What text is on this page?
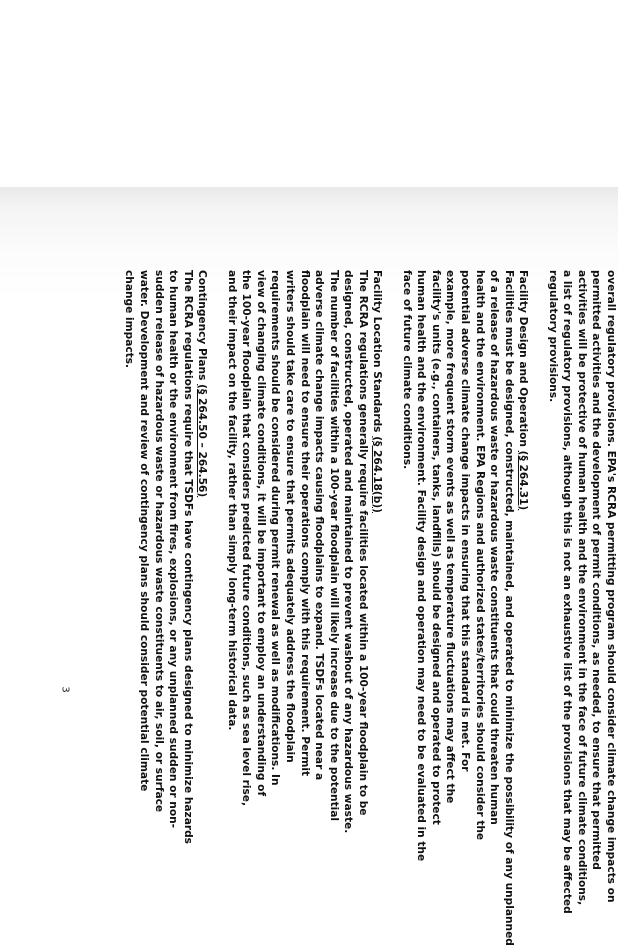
overall regulatory provisions. EPA's RCRA permitting program should consider climate change impacts on
permitted activities and the development of permit conditions, as needed, to ensure that permitted
activities will be protective of human health and the environment in the face of future climate conditions,
a list of regulatory provisions, although this is not an exhaustive list of the provisions that may be affected
regulatory provisions.
Facility Design and Operation (§ 264.31)
Facilities must be designed, constructed, maintained, and operated to minimize the possibility of any unplanned
of a release of hazardous waste or hazardous waste constituents that could threaten human
health and the environment. EPA Regions and authorized states/territories should consider the
potential adverse climate change impacts in ensuring that this standard is met. For
example, more frequent storm events as well as temperature fluctuations may affect the
facility's units (e.g., containers, tanks, landfills) should be designed and operated to protect
human health and the environment. Facility design and operation may need to be evaluated in the
face of future climate conditions.
Facility Location Standards (§ 264.18(b))
The RCRA regulations generally require facilities located within a 100-year floodplain to be
designed, constructed, operated and maintained to prevent washout of any hazardous waste.
The number of facilities within a 100-year floodplain will likely increase due to the potential
adverse climate change impacts causing floodplains to expand. TSDFs located near a
floodplain will need to ensure their operations comply with this requirement. Permit
writers should take care to ensure that permits adequately address the floodplain
requirements should be considered during permit renewal as well as modifications. In
view of changing climate conditions, it will be important to employ an understanding of
the 100-year floodplain that considers predicted future conditions, such as sea level rise,
and their impact on the facility, rather than simply long-term historical data.
Contingency Plans (§ 264.50 – 264.56)
The RCRA regulations require that TSDFs have contingency plans designed to minimize hazards
to human health or the environment from fires, explosions, or any unplanned sudden or non-
sudden release of hazardous waste or hazardous waste constituents to air, soil, or surface
water. Development and review of contingency plans should consider potential climate
change impacts.
3
